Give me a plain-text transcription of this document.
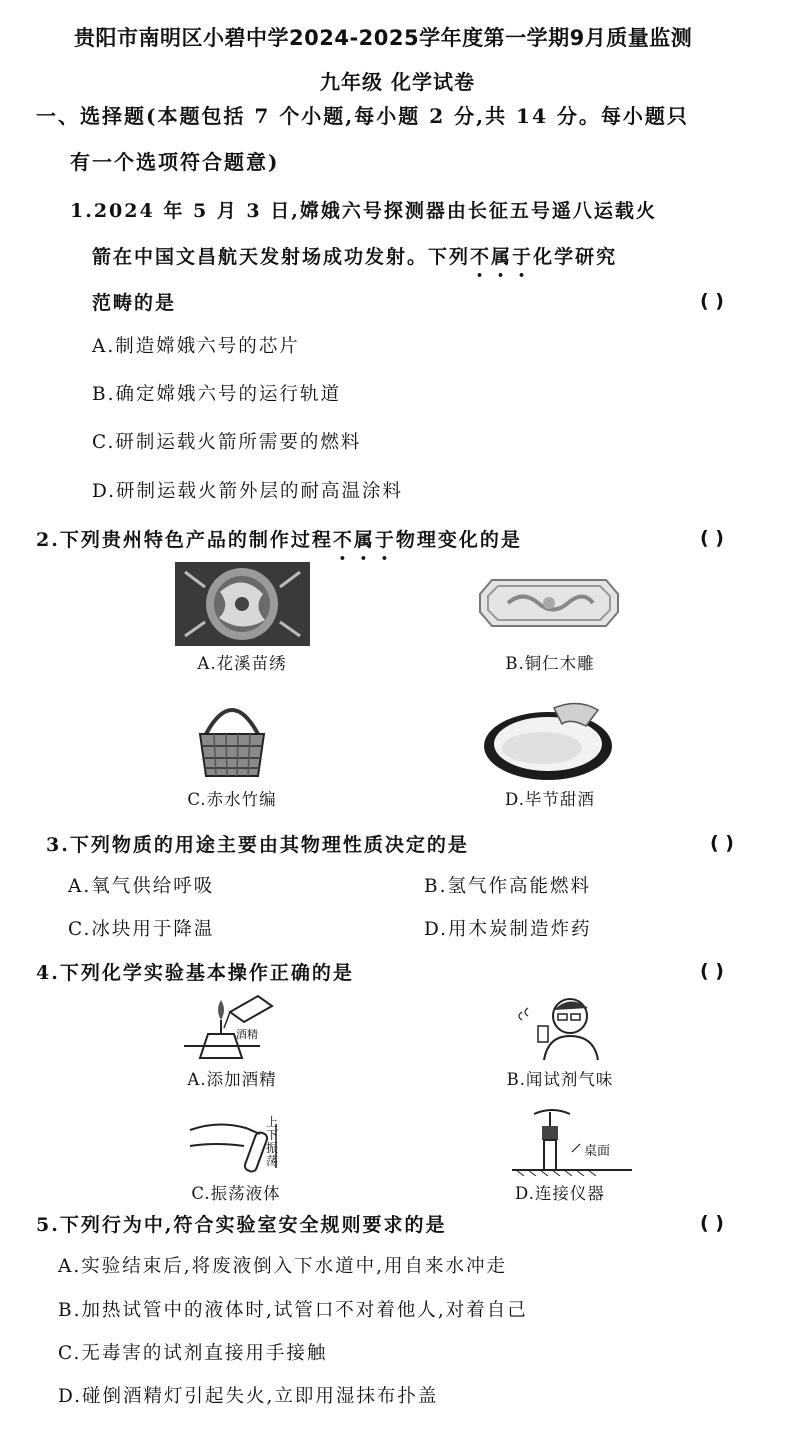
贵阳市南明区小碧中学2024-2025学年度第一学期9月质量监测
九年级 化学试卷
一、选择题(本题包括 7 个小题,每小题 2 分,共 14 分。每小题只
有一个选项符合题意)
1.2024 年 5 月 3 日,嫦娥六号探测器由长征五号遥八运载火
箭在中国文昌航天发射场成功发射。下列不属于化学研究
范畴的是	( )
A.制造嫦娥六号的芯片
B.确定嫦娥六号的运行轨道
C.研制运载火箭所需要的燃料
D.研制运载火箭外层的耐高温涂料
2.下列贵州特色产品的制作过程不属于物理变化的是	( )
A.花溪苗绣	B.铜仁木雕
C.赤水竹编	D.毕节甜酒
3.下列物质的用途主要由其物理性质决定的是	( )
A.氧气供给呼吸	B.氢气作高能燃料
C.冰块用于降温	D.用木炭制造炸药
4.下列化学实验基本操作正确的是	( )
酒精
上
下
振
荡
桌面
A.添加酒精	B.闻试剂气味
C.振荡液体	D.连接仪器
5.下列行为中,符合实验室安全规则要求的是	( )
A.实验结束后,将废液倒入下水道中,用自来水冲走
B.加热试管中的液体时,试管口不对着他人,对着自己
C.无毒害的试剂直接用手接触
D.碰倒酒精灯引起失火,立即用湿抹布扑盖
